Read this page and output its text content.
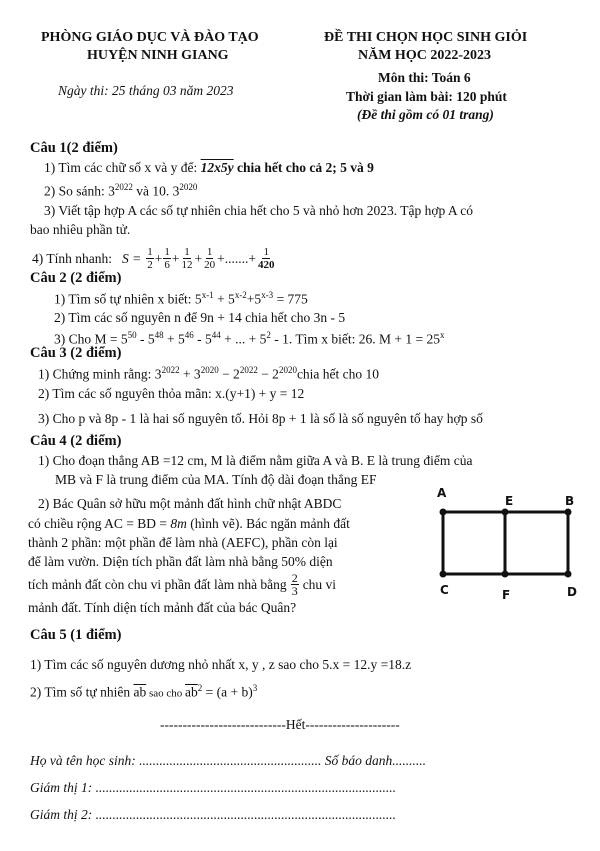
PHÒNG GIÁO DỤC VÀ ĐÀO TẠO
HUYỆN NINH GIANG
Ngày thi: 25 tháng 03 năm 2023
ĐỀ THI CHỌN HỌC SINH GIỎI
NĂM HỌC 2022-2023
Môn thi: Toán 6
Thời gian làm bài: 120 phút
(Đề thi gồm có 01 trang)
Câu 1(2 điểm)
1) Tìm các chữ số x và y để: 12x5y chia hết cho cả 2; 5 và 9
2) So sánh: $3^{2022}$ và 10. $3^{2020}$
3) Viết tập hợp A các số tự nhiên chia hết cho 5 và nhỏ hơn 2023. Tập hợp A có
bao nhiêu phần tử.
4) Tính nhanh: $S = \frac{1}{2} + \frac{1}{6} + \frac{1}{12} + \frac{1}{20}$ +.......+ $\frac{1}{420}$
Câu 2 (2 điểm)
1) Tìm số tự nhiên x biết: $5^{x-1} + 5^{x-2}+5^{x-3} = 775$
2) Tìm các số nguyên n để 9n + 14 chia hết cho 3n - 5
3) Cho $M = 5^{50} - 5^{48} + 5^{46} - 5^{44}$ + ... + $5^2 - 1$. Tìm x biết: 26. $M + 1 = 25^x$
Câu 3 (2 điểm)
1) Chứng minh rằng: $3^{2022} + 3^{2020} - 2^{2022}$ − $2^{2020}chia$ hết cho 10
2) Tìm các số nguyên thỏa mãn: x.(y+1) + y = 12
3) Cho p và 8p - 1 là hai số nguyên tố. Hỏi 8p + 1 là số là số nguyên tố hay hợp số
Câu 4 (2 điểm)
1) Cho đoạn thẳng AB =12 cm, M là điểm nằm giữa A và B. E là trung điểm của
MB và F là trung điểm của MA. Tính độ dài đoạn thẳng EF
2) Bác Quân sở hữu một mảnh đất hình chữ nhật ABDC
có chiều rộng AC = BD = 8m (hình vẽ). Bác ngăn mảnh đất
thành 2 phần: một phần để làm nhà (AEFC), phần còn lại
để làm vườn. Diện tích phần đất làm nhà bằng 50% diện
tích mảnh đất còn chu vi phần đất làm nhà bằng $\frac{2}{3}$ chu vi
mảnh đất. Tính diện tích mảnh đất của bác Quân?
A
E	B
C	F	D
Câu 5 (1 điểm)
1) Tìm các số nguyên dương nhỏ nhất x, y , z sao cho 5.x = 12.y =18.z
2) Tìm số tự nhiên $\overline{ab}$ sao cho $\overline{ab}^2 = (a + b)^3$
----------------------------Hết---------------------
Họ và tên học sinh: ...................................................... Số báo danh..........
Giám thị 1: .........................................................................................
Giám thị 2: .........................................................................................
